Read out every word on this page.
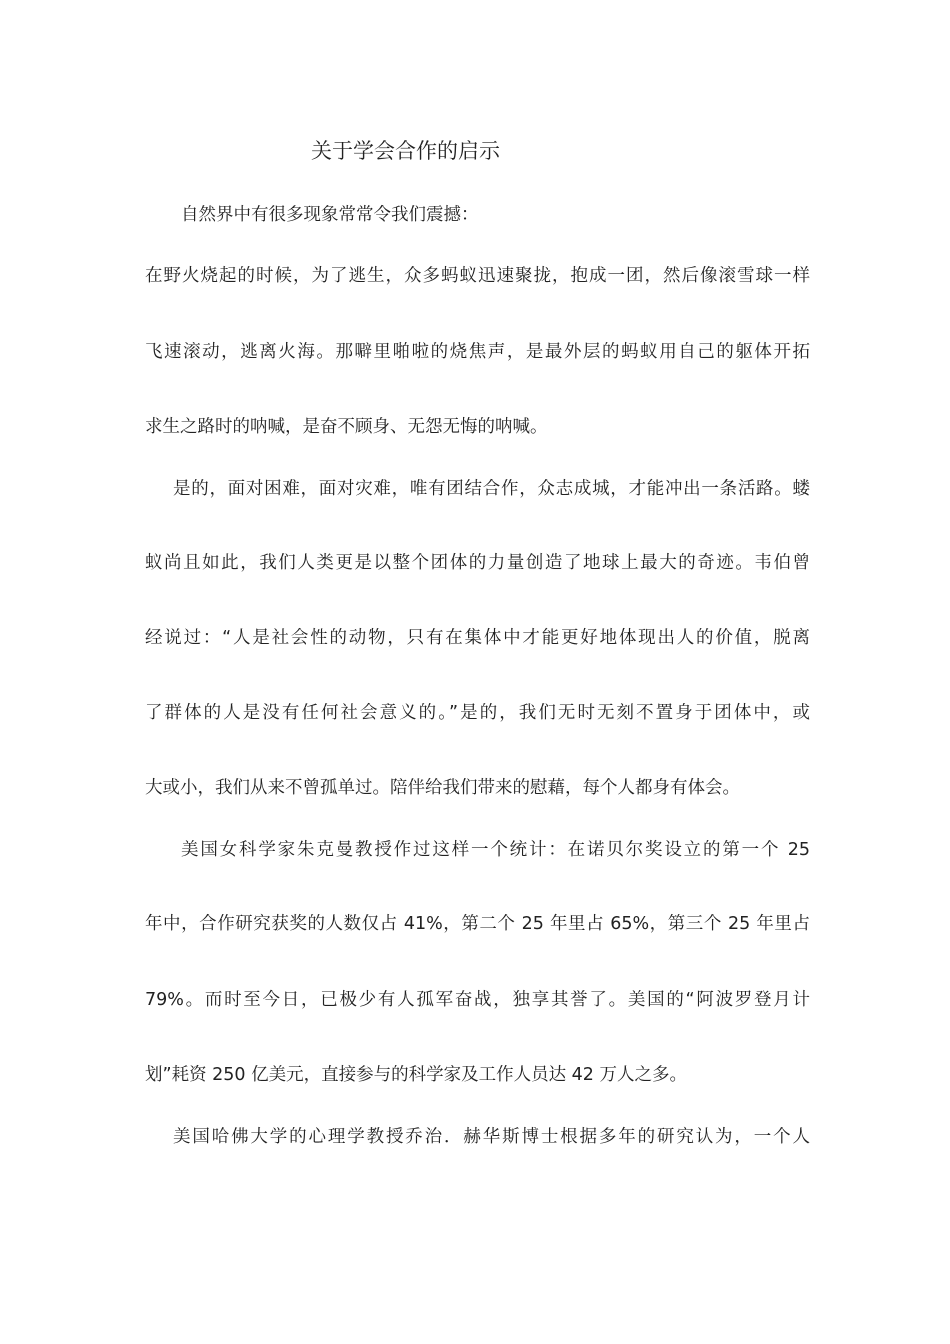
关于学会合作的启示
自然界中有很多现象常常令我们震撼：
在野火烧起的时候，为了逃生，众多蚂蚁迅速聚拢，抱成一团，然后像滚雪球一样
飞速滚动，逃离火海。那噼里啪啦的烧焦声，是最外层的蚂蚁用自己的躯体开拓
求生之路时的呐喊，是奋不顾身、无怨无悔的呐喊。
是的，面对困难，面对灾难，唯有团结合作，众志成城，才能冲出一条活路。蝼
蚁尚且如此，我们人类更是以整个团体的力量创造了地球上最大的奇迹。韦伯曾
经说过：“人是社会性的动物，只有在集体中才能更好地体现出人的价值，脱离
了群体的人是没有任何社会意义的。”是的，我们无时无刻不置身于团体中，或
大或小，我们从来不曾孤单过。陪伴给我们带来的慰藉，每个人都身有体会。
美国女科学家朱克曼教授作过这样一个统计：在诺贝尔奖设立的第一个 25
年中，合作研究获奖的人数仅占 41%，第二个 25 年里占 65%，第三个 25 年里占
79%。而时至今日，已极少有人孤军奋战，独享其誉了。美国的“阿波罗登月计
划”耗资 250 亿美元，直接参与的科学家及工作人员达 42 万人之多。
美国哈佛大学的心理学教授乔治．赫华斯博士根据多年的研究认为，一个人
